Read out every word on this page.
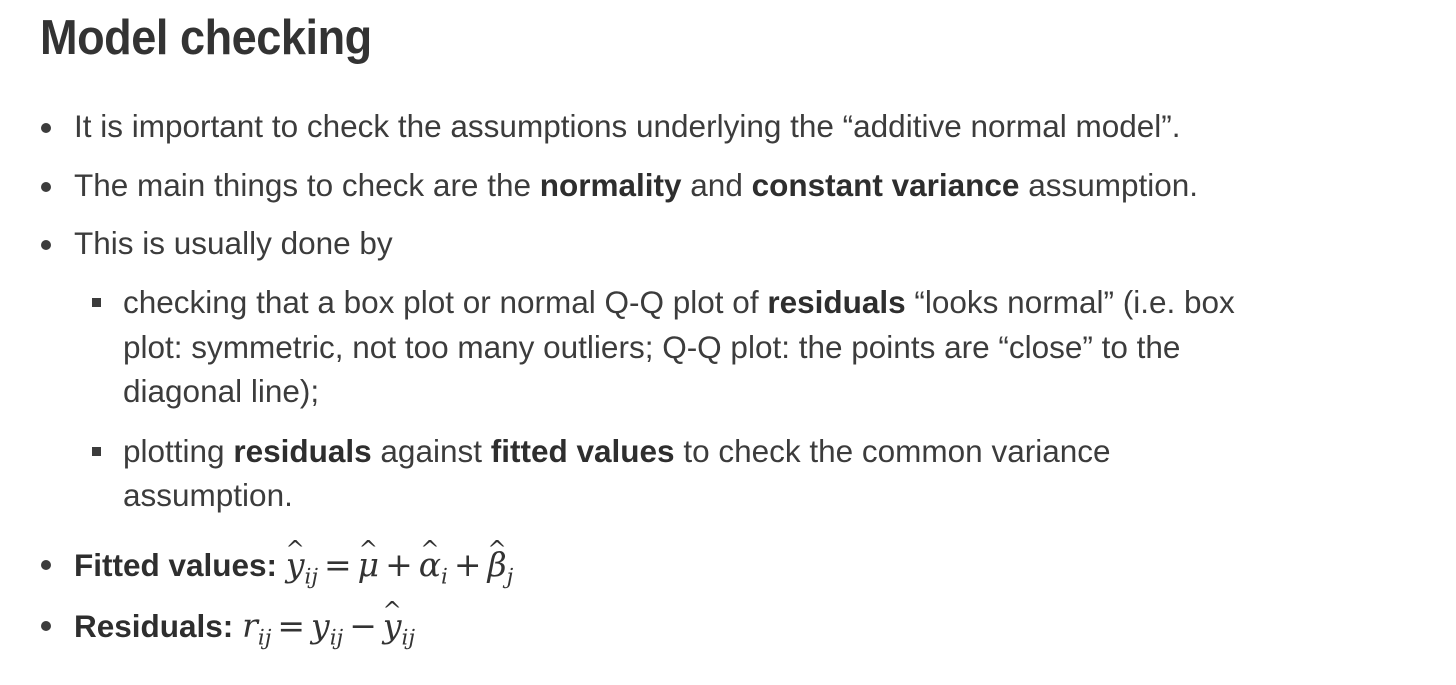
Model checking
It is important to check the assumptions underlying the “additive normal model”.
The main things to check are the normality and constant variance assumption.
This is usually done by
checking that a box plot or normal Q-Q plot of residuals “looks normal” (i.e. box
plot: symmetric, not too many outliers; Q-Q plot: the points are “close” to the
diagonal line);
plotting residuals against fitted values to check the common variance
assumption.
Fitted values: y $\^{}_{ij} = \mu$ ^ + α $\^{}_i + \beta$ $\^{}_j$
Residuals: $r_{ij} = y_{ij} - y$ $\^{}_{ij}$
